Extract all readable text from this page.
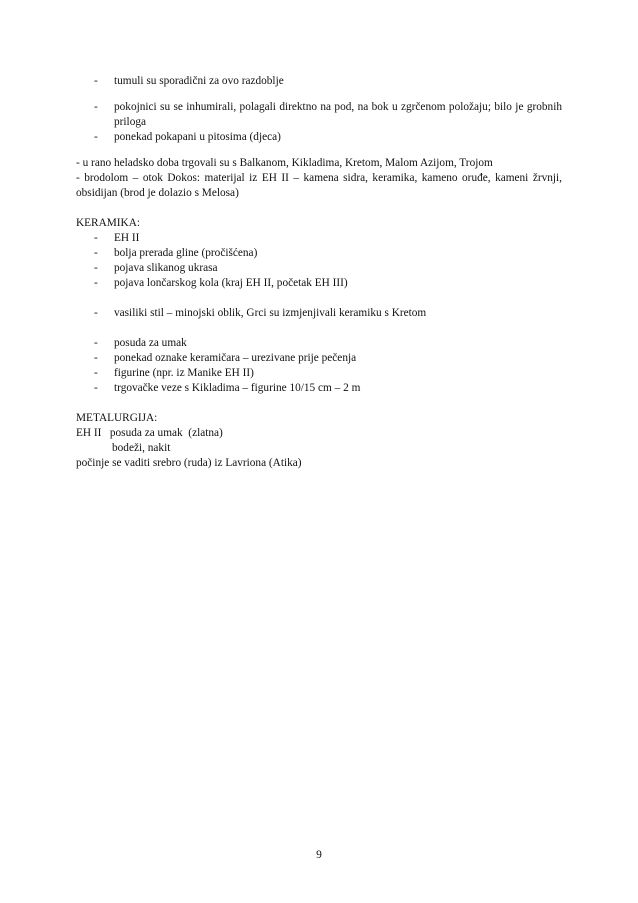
- tumuli su sporadični za ovo razdoblje
- pokojnici su se inhumirali, polagali direktno na pod, na bok u zgrčenom položaju; bilo je grobnih priloga
- ponekad pokapani u pitosima (djeca)
- u rano heladsko doba trgovali su s Balkanom, Kikladima, Kretom, Malom Azijom, Trojom
- brodolom – otok Dokos: materijal iz EH II – kamena sidra, keramika, kameno oruđe, kameni žrvnji, obsidijan (brod je dolazio s Melosa)
KERAMIKA:
- EH II
- bolja prerada gline (pročišćena)
- pojava slikanog ukrasa
- pojava lončarskog kola (kraj EH II, početak EH III)
- vasiliki stil – minojski oblik, Grci su izmjenjivali keramiku s Kretom
- posuda za umak
- ponekad oznake keramičara – urezivane prije pečenja
- figurine (npr. iz Manike EH II)
- trgovačke veze s Kikladima – figurine 10/15 cm – 2 m
METALURGIJA:
EH II   posuda za umak  (zlatna)
bodeži, nakit
počinje se vaditi srebro (ruda) iz Lavriona (Atika)
9
